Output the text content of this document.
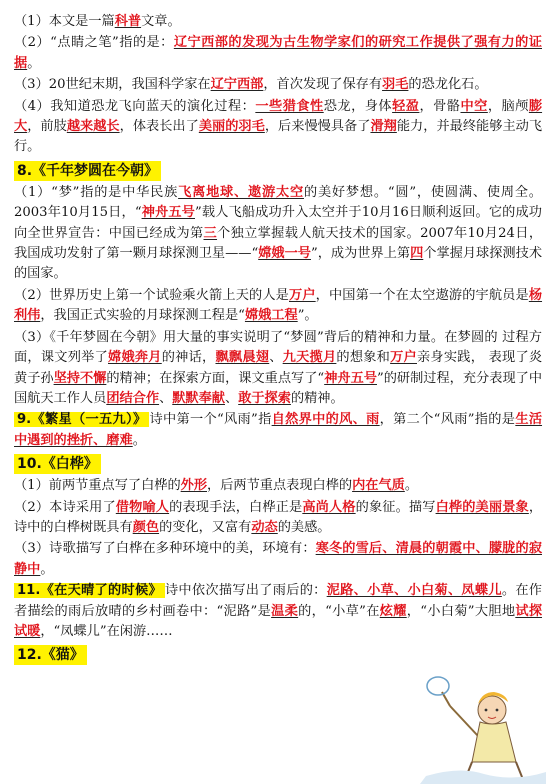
（1）本文是一篇科普文章。

（2）“点睛之笔”指的是：辽宁西部的发现为古生物学家们的研究工作提供了强有力的证据。

（3）20世纪末期，我国科学家在辽宁西部，首次发现了保存有羽毛的恐龙化石。

（4）我知道恐龙飞向蓝天的演化过程：一些猎食性恐龙，身体轻盈，骨骼中空，脑颅膨大，前肢越来越长，体表长出了美丽的羽毛，后来慢慢具备了滑翔能力，并最终能够主动飞行。

8.《千年梦圆在今朝》

（1）“梦”指的是中华民族飞离地球、遨游太空的美好梦想。“圆”，使圆满、使周全。 2003年10月15日，“神舟五号”载人飞船成功升入太空并于10月16日顺利返回。它的成功向全世界宣告：中国已经成为第三个独立掌握载人航天技术的国家。2007年10月24日，我国成功发射了第一颗月球探测卫星——“嫦娥一号”，成为世界上第四个掌握月球探测技术的国家。

（2）世界历史上第一个试验乘火箭上天的人是万户，中国第一个在太空遨游的宇航员是杨利伟，我国正式实验的月球探测工程是“嫦娥工程”。

（3）《千年梦圆在今朝》用大量的事实说明了“梦圆”背后的精神和力量。在梦圆的 过程方面，课文列举了嫦娥奔月的神话，飘飘晨翅、九天揽月的想象和万户亲身实践， 表现了炎黄子孙坚持不懈的精神；在探索方面，课文重点写了“神舟五号”的研制过程，充分表现了中国航天工作人员团结合作、默默奉献、敢于探索的精神。

9.《繁星（一五九）》 诗中第一个“风雨”指自然界中的风、雨，第二个“风雨”指的是生活中遇到的挫折、磨难。

10.《白桦》

（1）前两节重点写了白桦的外形，后两节重点表现白桦的内在气质。

（2）本诗采用了借物喻人的表现手法，白桦正是高尚人格的象征。描写白桦的美丽景象，诗中的白桦树既具有颜色的变化，又富有动态的美感。

（3）诗歌描写了白桦在多种环境中的美，环境有：寒冬的雪后、清晨的朝霞中、朦胧的寂静中。

11.《在天晴了的时候》 诗中依次描写出了雨后的：泥路、小草、小白菊、凤蝶儿。在作者描绘的雨后放晴的乡村画卷中：“泥路”是温柔的，“小草”在炫耀，“小白菊”大胆地试探试暖，“凤蝶儿”在闲游……

12.《猫》
